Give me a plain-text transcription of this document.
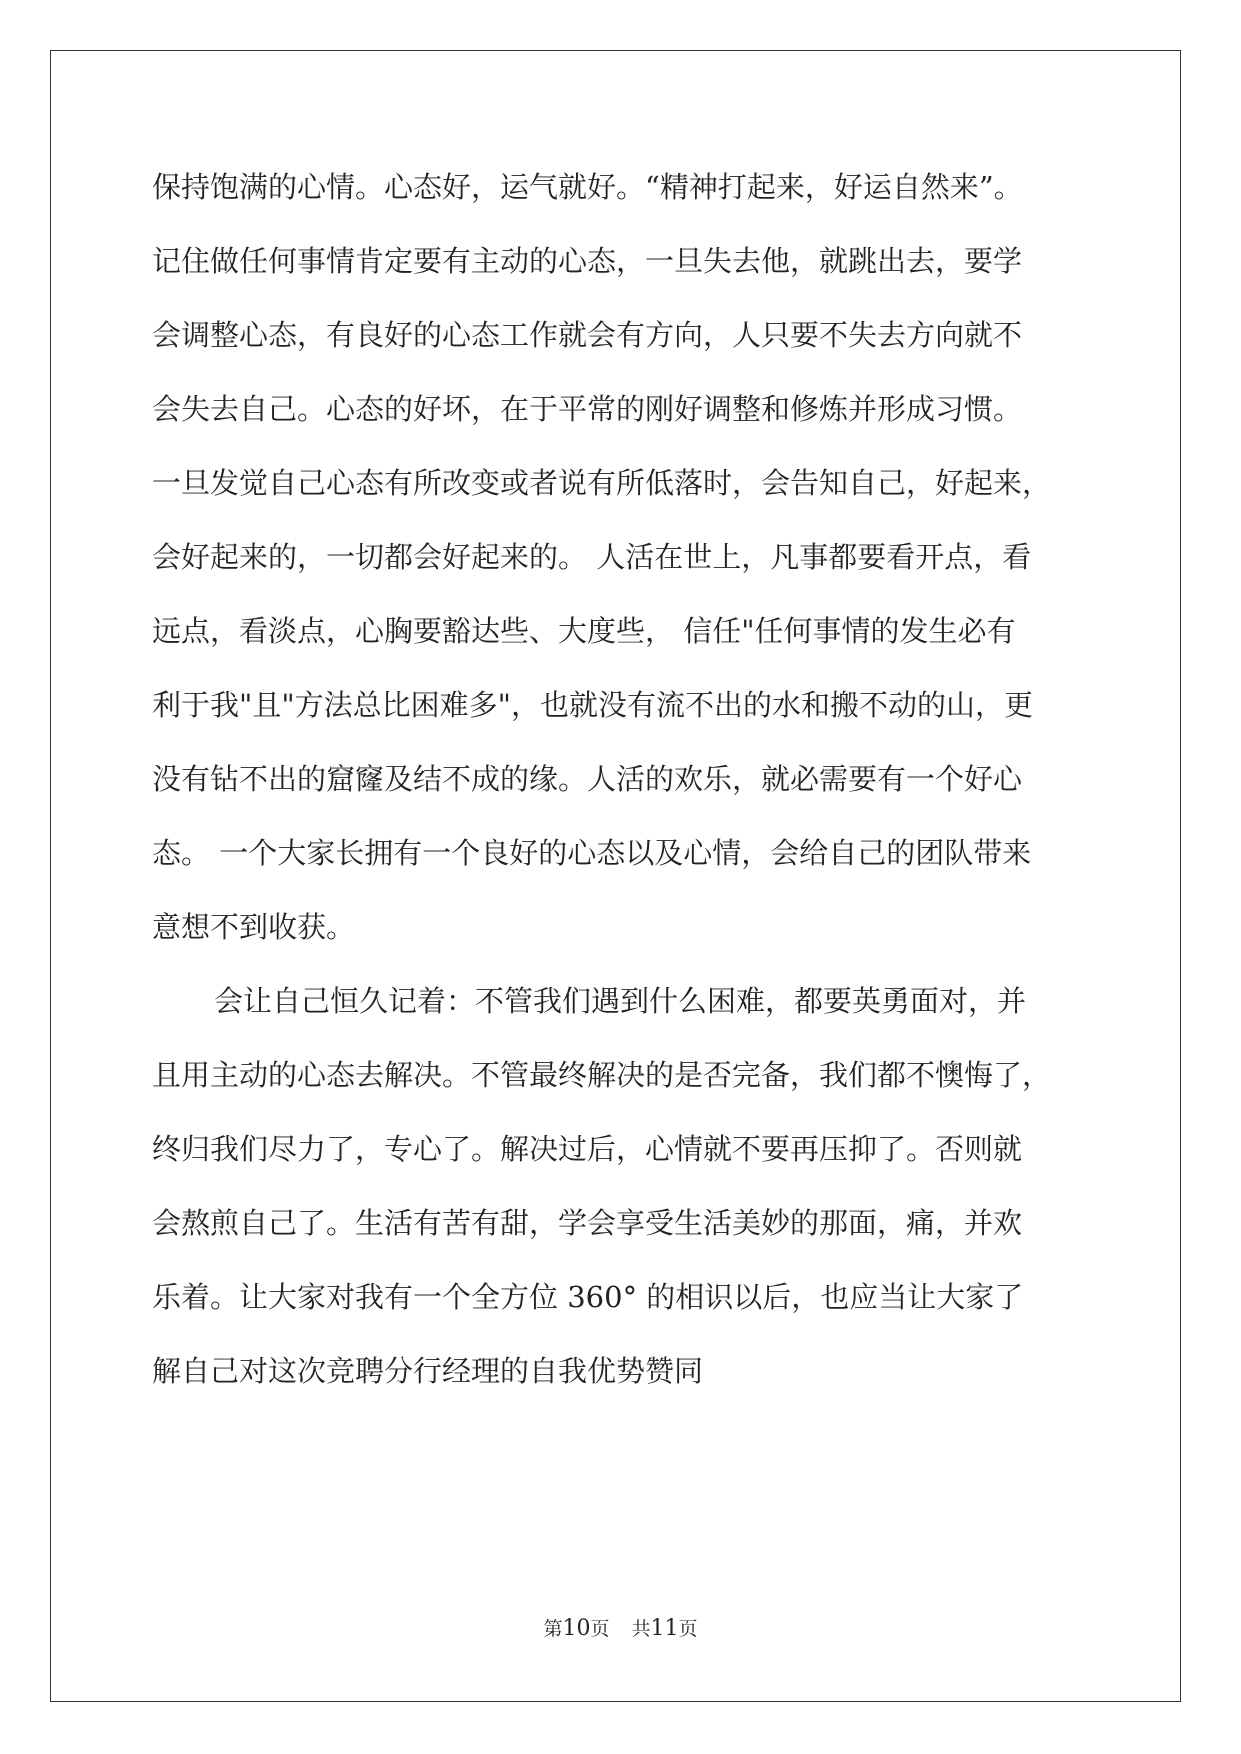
保持饱满的心情。心态好，运气就好。“精神打起来，好运自然来”。
记住做任何事情肯定要有主动的心态，一旦失去他，就跳出去，要学
会调整心态，有良好的心态工作就会有方向，人只要不失去方向就不
会失去自己。心态的好坏，在于平常的刚好调整和修炼并形成习惯。
一旦发觉自己心态有所改变或者说有所低落时，会告知自己，好起来，
会好起来的，一切都会好起来的。 人活在世上，凡事都要看开点，看
远点，看淡点，心胸要豁达些、大度些， 信任"任何事情的发生必有
利于我"且"方法总比困难多"，也就没有流不出的水和搬不动的山，更
没有钻不出的窟窿及结不成的缘。人活的欢乐，就必需要有一个好心
态。 一个大家长拥有一个良好的心态以及心情，会给自己的团队带来
意想不到收获。
会让自己恒久记着：不管我们遇到什么困难，都要英勇面对，并
且用主动的心态去解决。不管最终解决的是否完备，我们都不懊悔了，
终归我们尽力了，专心了。解决过后，心情就不要再压抑了。否则就
会熬煎自己了。生活有苦有甜，学会享受生活美妙的那面，痛，并欢
乐着。让大家对我有一个全方位 360° 的相识以后，也应当让大家了
解自己对这次竞聘分行经理的自我优势赞同
第10页 共11页
